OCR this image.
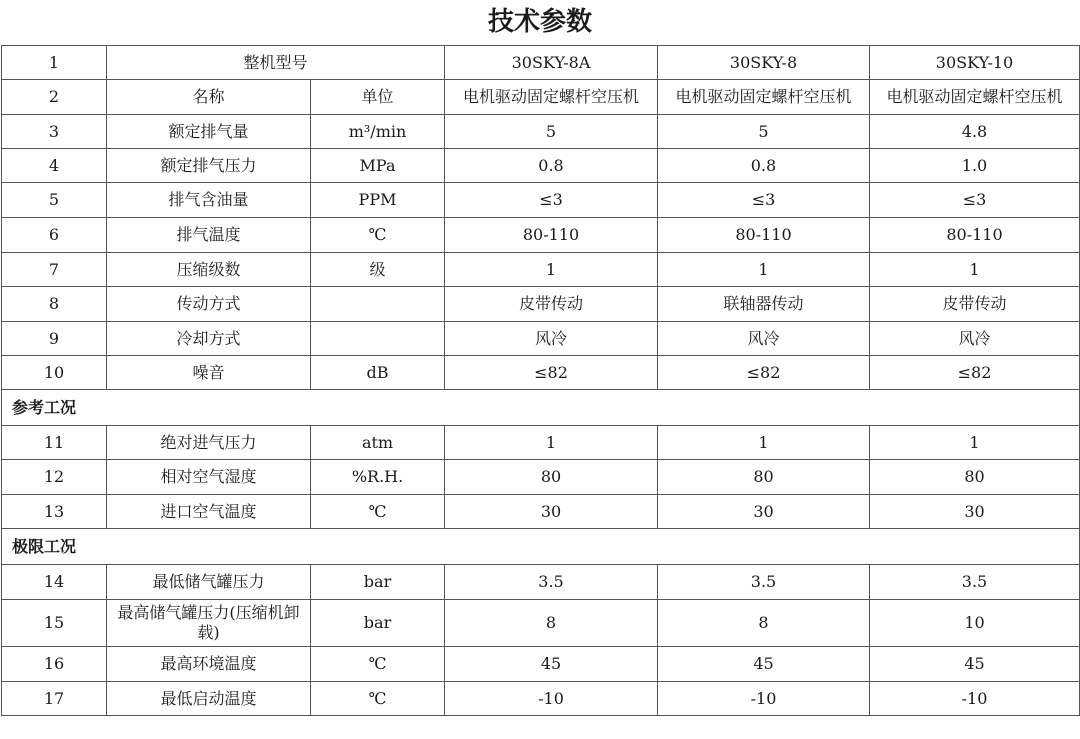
技术参数
1	整机型号		30SKY-8A	30SKY-8	30SKY-10
2	名称	单位	电机驱动固定螺杆空压机	电机驱动固定螺杆空压机	电机驱动固定螺杆空压机
3	额定排气量	m³/min	5	5	4.8
4	额定排气压力	MPa	0.8	0.8	1.0
5	排气含油量	PPM	≤3	≤3	≤3
6	排气温度	℃	80-110	80-110	80-110
7	压缩级数	级	1	1	1
8	传动方式		皮带传动	联轴器传动	皮带传动
9	冷却方式		风冷	风冷	风冷
10	噪音	dB	≤82	≤82	≤82
参考工况					
11	绝对进气压力	atm	1	1	1
12	相对空气湿度	%R.H.	80	80	80
13	进口空气温度	℃	30	30	30
极限工况					
14	最低储气罐压力	bar	3.5	3.5	3.5
15	最高储气罐压力(压缩机卸载)	bar	8	8	10
16	最高环境温度	℃	45	45	45
17	最低启动温度	℃	-10	-10	-10
